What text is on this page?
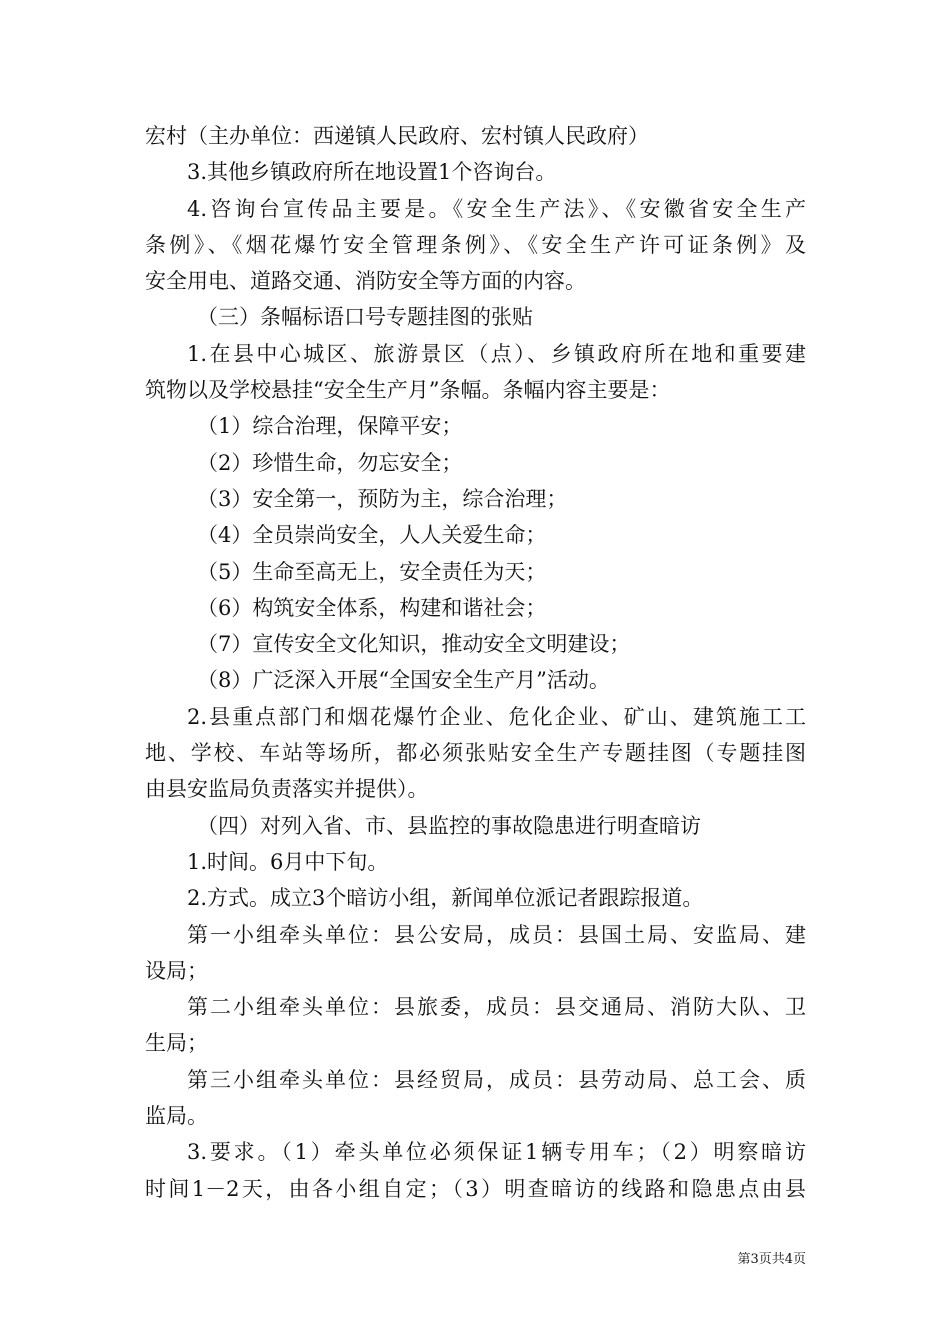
宏村（主办单位：西递镇人民政府、宏村镇人民政府）
3.其他乡镇政府所在地设置1个咨询台。
4.咨询台宣传品主要是。《安全生产法》、《安徽省安全生产
条例》、《烟花爆竹安全管理条例》、《安全生产许可证条例》及
安全用电、道路交通、消防安全等方面的内容。
（三）条幅标语口号专题挂图的张贴
1.在县中心城区、旅游景区（点）、乡镇政府所在地和重要建
筑物以及学校悬挂“安全生产月”条幅。条幅内容主要是：
（1）综合治理，保障平安；
（2）珍惜生命，勿忘安全；
（3）安全第一，预防为主，综合治理；
（4）全员崇尚安全，人人关爱生命；
（5）生命至高无上，安全责任为天；
（6）构筑安全体系，构建和谐社会；
（7）宣传安全文化知识，推动安全文明建设；
（8）广泛深入开展“全国安全生产月”活动。
2.县重点部门和烟花爆竹企业、危化企业、矿山、建筑施工工
地、学校、车站等场所，都必须张贴安全生产专题挂图（专题挂图
由县安监局负责落实并提供）。
（四）对列入省、市、县监控的事故隐患进行明查暗访
1.时间。6月中下旬。
2.方式。成立3个暗访小组，新闻单位派记者跟踪报道。
第一小组牵头单位：县公安局，成员：县国土局、安监局、建
设局；
第二小组牵头单位：县旅委，成员：县交通局、消防大队、卫
生局；
第三小组牵头单位：县经贸局，成员：县劳动局、总工会、质
监局。
3.要求。（1）牵头单位必须保证1辆专用车；（2）明察暗访
时间1－2天，由各小组自定；（3）明查暗访的线路和隐患点由县
第3页共4页
